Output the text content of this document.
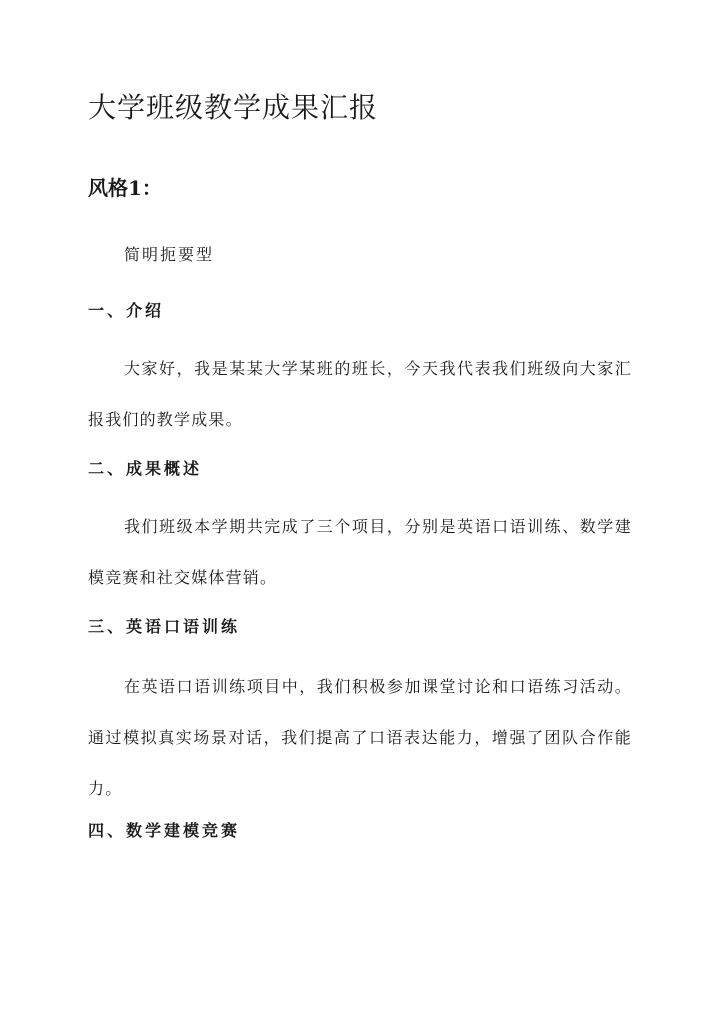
大学班级教学成果汇报
风格1：

简明扼要型

一、介绍

大家好，我是某某大学某班的班长，今天我代表我们班级向大家汇报我们的教学成果。

二、成果概述

我们班级本学期共完成了三个项目，分别是英语口语训练、数学建模竞赛和社交媒体营销。

三、英语口语训练

在英语口语训练项目中，我们积极参加课堂讨论和口语练习活动。通过模拟真实场景对话，我们提高了口语表达能力，增强了团队合作能力。

四、数学建模竞赛
